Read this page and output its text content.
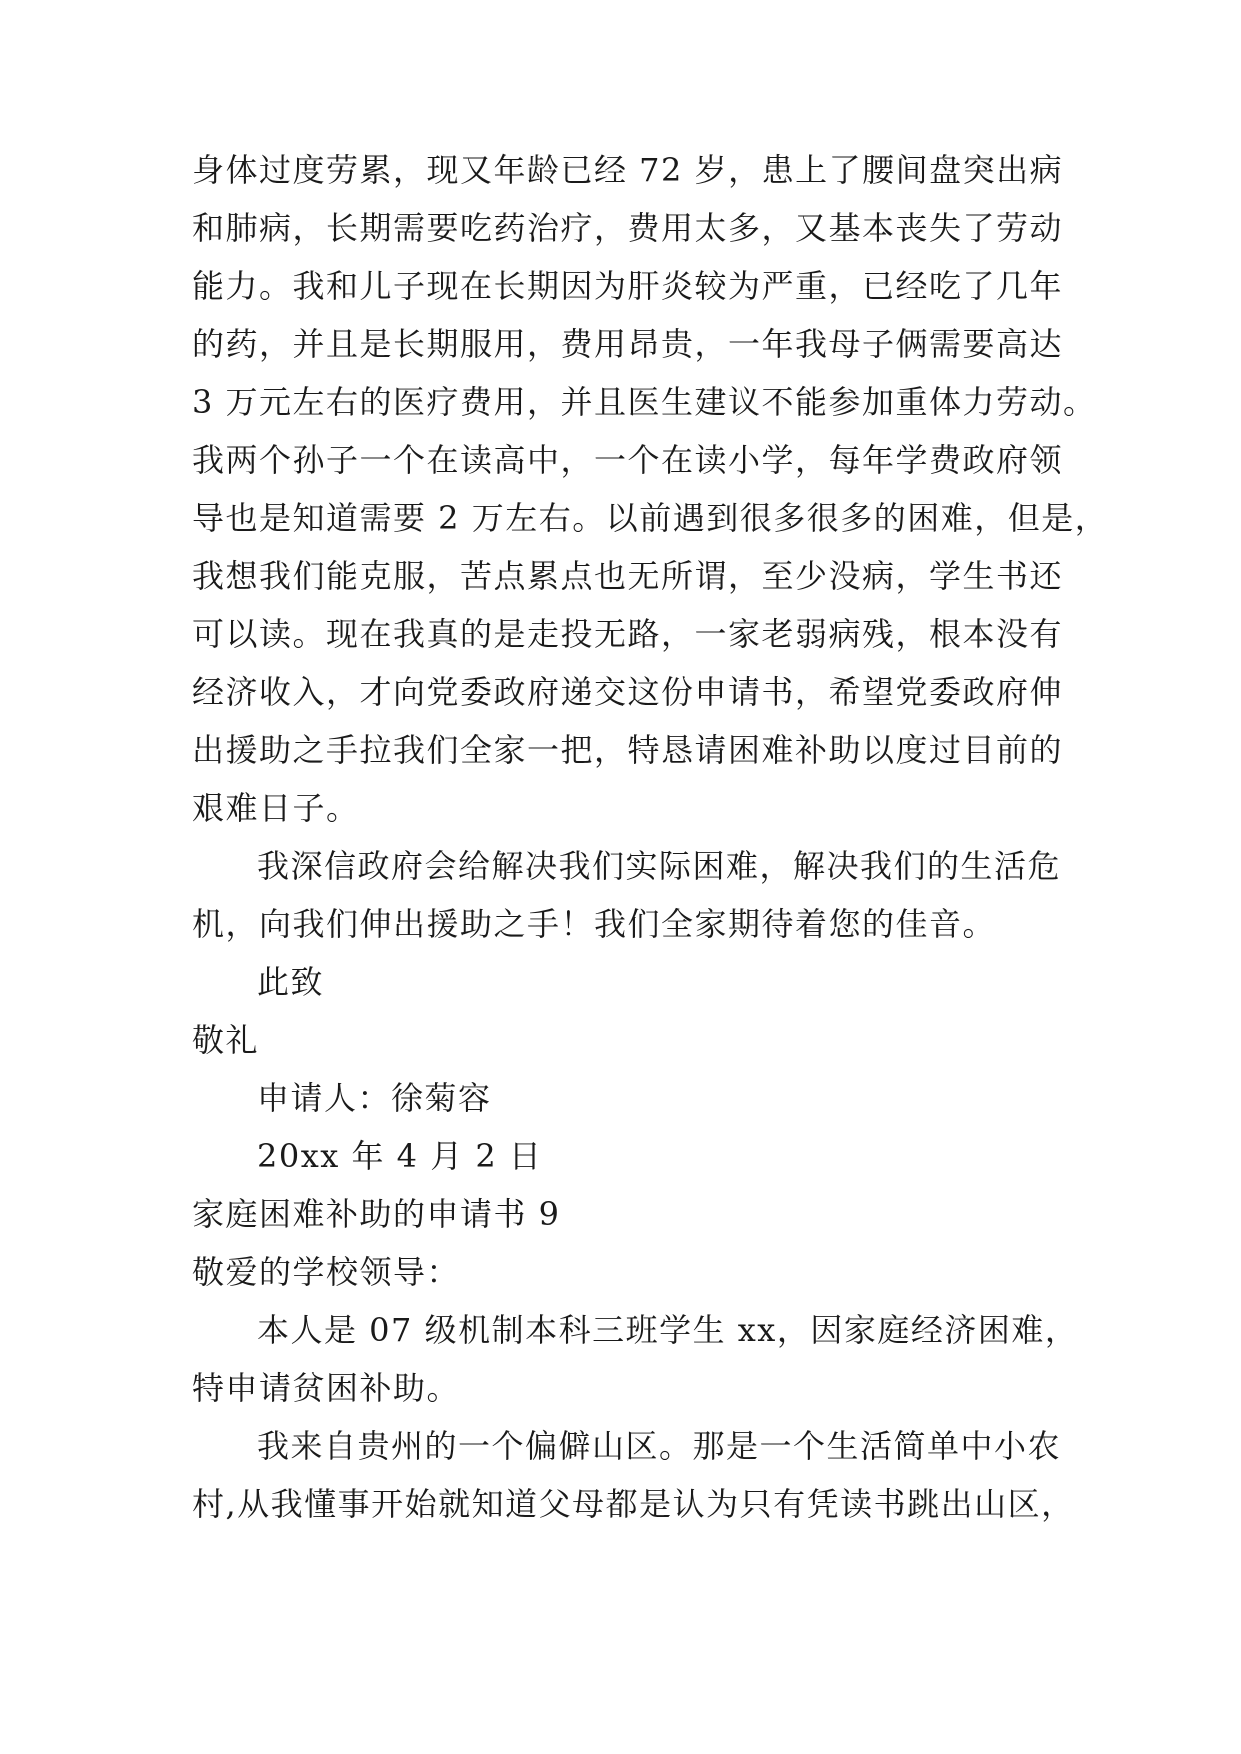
身体过度劳累，现又年龄已经 72 岁，患上了腰间盘突出病
和肺病，长期需要吃药治疗，费用太多，又基本丧失了劳动
能力。我和儿子现在长期因为肝炎较为严重，已经吃了几年
的药，并且是长期服用，费用昂贵，一年我母子俩需要高达
3 万元左右的医疗费用，并且医生建议不能参加重体力劳动。
我两个孙子一个在读高中，一个在读小学，每年学费政府领
导也是知道需要 2 万左右。以前遇到很多很多的困难，但是，
我想我们能克服，苦点累点也无所谓，至少没病，学生书还
可以读。现在我真的是走投无路，一家老弱病残，根本没有
经济收入，才向党委政府递交这份申请书，希望党委政府伸
出援助之手拉我们全家一把，特恳请困难补助以度过目前的
艰难日子。
我深信政府会给解决我们实际困难，解决我们的生活危
机，向我们伸出援助之手！我们全家期待着您的佳音。
此致
敬礼
申请人：徐菊容
20xx 年 4 月 2 日
家庭困难补助的申请书 9
敬爱的学校领导：
本人是 07 级机制本科三班学生 xx，因家庭经济困难，
特申请贫困补助。
我来自贵州的一个偏僻山区。那是一个生活简单中小农
村,从我懂事开始就知道父母都是认为只有凭读书跳出山区，
